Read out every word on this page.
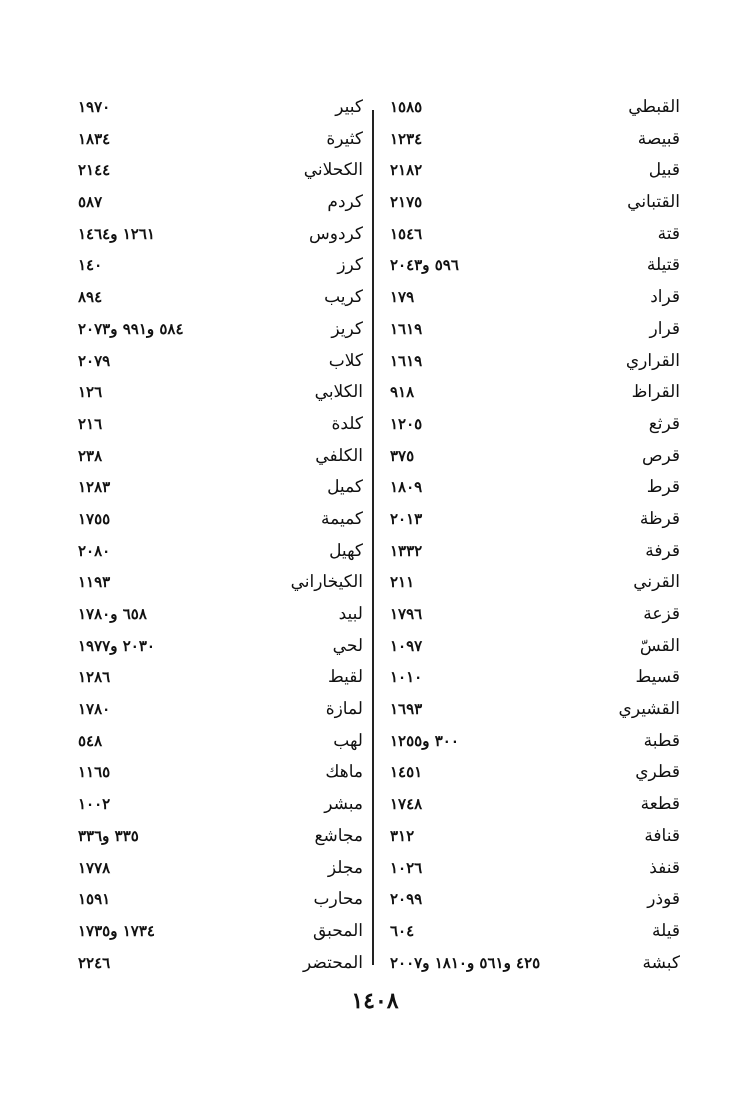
القبطي
١٥٨٥
قبيصة
١٢٣٤
قبيل
٢١٨٢
القتباني
٢١٧٥
قتة
١٥٤٦
قتيلة
٥٩٦ و٢٠٤٣
قراد
١٧٩
قرار
١٦١٩
القراري
١٦١٩
القراظ
٩١٨
قرثع
١٢٠٥
قرص
٣٧٥
قرط
١٨٠٩
قرظة
٢٠١٣
قرفة
١٣٣٢
القرني
٢١١
قزعة
١٧٩٦
القسّ
١٠٩٧
قسيط
١٠١٠
القشيري
١٦٩٣
قطبة
٣٠٠ و١٢٥٥
قطري
١٤٥١
قطعة
١٧٤٨
قنافة
٣١٢
قنفذ
١٠٢٦
قوذر
٢٠٩٩
قيلة
٦٠٤
كبشة
٤٢٥ و٥٦١ و١٨١٠ و٢٠٠٧
كبير
١٩٧٠
كثيرة
١٨٣٤
الكحلاني
٢١٤٤
كردم
٥٨٧
كردوس
١٢٦١ و١٤٦٤
كرز
١٤٠
كريب
٨٩٤
كريز
٥٨٤ و٩٩١ و٢٠٧٣
كلاب
٢٠٧٩
الكلابي
١٢٦
كلدة
٢١٦
الكلفي
٢٣٨
كميل
١٢٨٣
كميمة
١٧٥٥
كهيل
٢٠٨٠
الكيخاراني
١١٩٣
لبيد
٦٥٨ و١٧٨٠
لحي
٢٠٣٠ و١٩٧٧
لقيط
١٢٨٦
لمازة
١٧٨٠
لهب
٥٤٨
ماهك
١١٦٥
مبشر
١٠٠٢
مجاشع
٣٣٥ و٣٣٦
مجلز
١٧٧٨
محارب
١٥٩١
المحبق
١٧٣٤ و١٧٣٥
المحتضر
٢٢٤٦
١٤٠٨
